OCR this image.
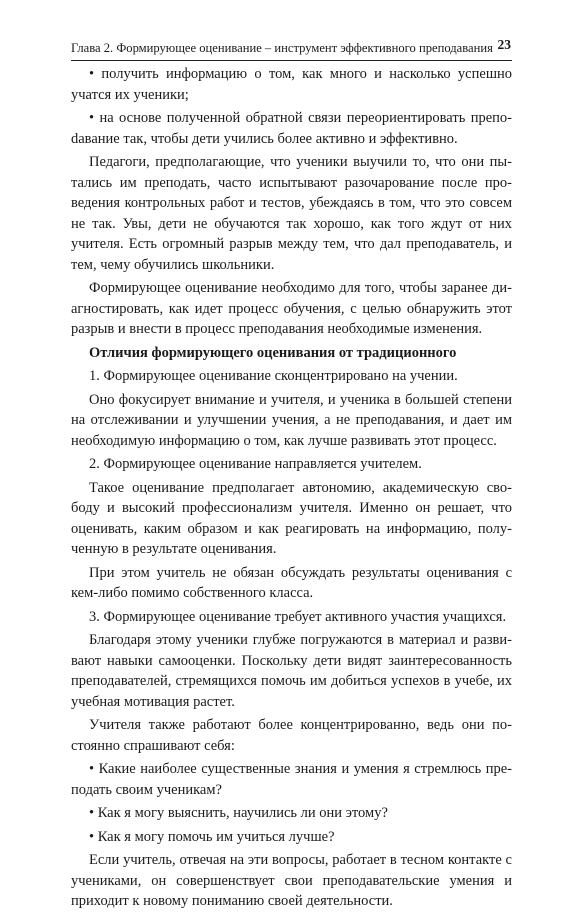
Глава 2. Формирующее оценивание – инструмент эффективного преподавания 23

• получить информацию о том, как много и насколько успешно учатся их ученики;

• на основе полученной обратной связи переориентировать препоdавание так, чтобы дети учились более активно и эффективно.

Педагоги, предполагающие, что ученики выучили то, что они пытались им преподать, часто испытывают разочарование после проведения контрольных работ и тестов, убеждаясь в том, что это совсем не так. Увы, дети не обучаются так хорошо, как того ждут от них учителя. Есть огромный разрыв между тем, что дал преподаватель, и тем, чему обучились школьники.

Формирующее оценивание необходимо для того, чтобы заранее диагностировать, как идет процесс обучения, с целью обнаружить этот разрыв и внести в процесс преподавания необходимые изменения.

Отличия формирующего оценивания от традиционного

1. Формирующее оценивание сконцентрировано на учении.

Оно фокусирует внимание и учителя, и ученика в большей степени на отслеживании и улучшении учения, а не преподавания, и дает им необходимую информацию о том, как лучше развивать этот процесс.

2. Формирующее оценивание направляется учителем.

Такое оценивание предполагает автономию, академическую свободу и высокий профессионализм учителя. Именно он решает, что оценивать, каким образом и как реагировать на информацию, полученную в результате оценивания.

При этом учитель не обязан обсуждать результаты оценивания с кем-либо помимо собственного класса.

3. Формирующее оценивание требует активного участия учащихся.

Благодаря этому ученики глубже погружаются в материал и развивают навыки самооценки. Поскольку дети видят заинтересованность преподавателей, стремящихся помочь им добиться успехов в учебе, их учебная мотивация растет.

Учителя также работают более концентрированно, ведь они постоянно спрашивают себя:

• Какие наиболее существенные знания и умения я стремлюсь преподать своим ученикам?

• Как я могу выяснить, научились ли они этому?

• Как я могу помочь им учиться лучше?

Если учитель, отвечая на эти вопросы, работает в тесном контакте с учениками, он совершенствует свои преподавательские умения и приходит к новому пониманию своей деятельности.
